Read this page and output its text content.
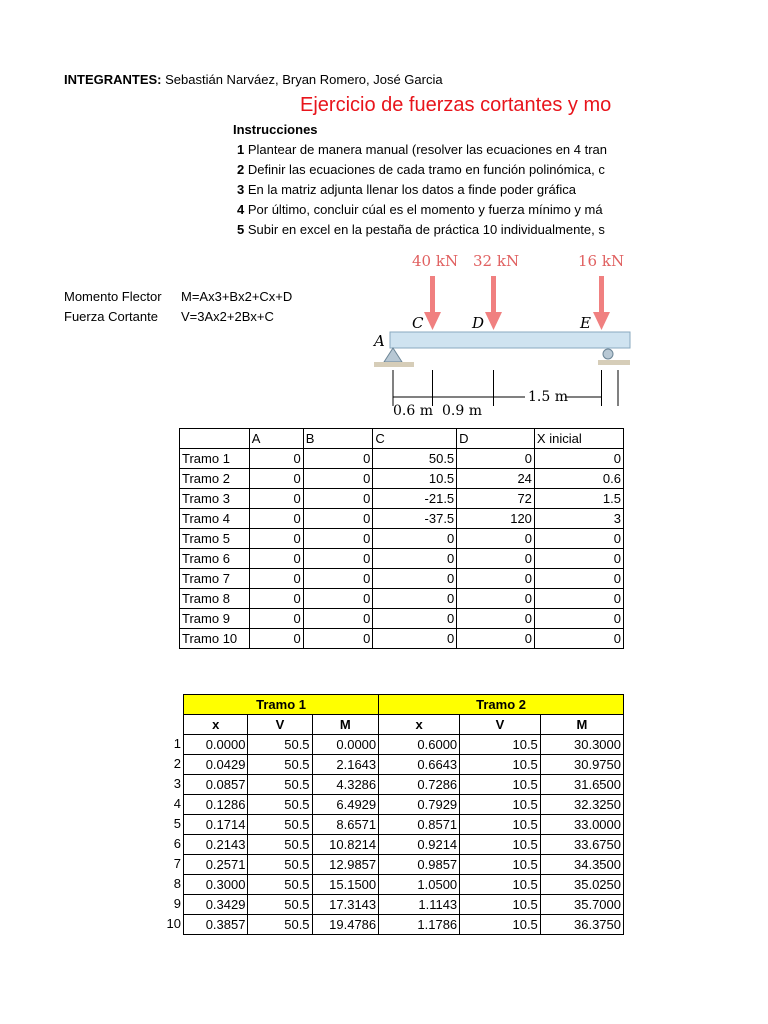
INTEGRANTES: Sebastián Narváez, Bryan Romero, José Garcia
Ejercicio de fuerzas cortantes y mo
Instrucciones
1 Plantear de manera manual (resolver las ecuaciones en 4 tran
2 Definir las ecuaciones de cada tramo en función polinómica, c
3 En la matriz adjunta llenar los datos a finde poder gráfica
4 Por último, concluir cúal es el momento y fuerza mínimo y má
5 Subir en excel en la pestaña de práctica 10 individualmente, s
Momento Flector M=Ax3+Bx2+Cx+D
Fuerza Cortante V=3Ax2+2Bx+C
40 kN 32 kN	16 kN
A
C	D	E
0.6 m 0.9 m
1.5 m
	A	B	C	D	X inicial
Tramo 1	0	0	50.5	0	0
Tramo 2	0	0	10.5	24	0.6
Tramo 3	0	0	-21.5	72	1.5
Tramo 4	0	0	-37.5	120	3
Tramo 5	0	0	0	0	0
Tramo 6	0	0	0	0	0
Tramo 7	0	0	0	0	0
Tramo 8	0	0	0	0	0
Tramo 9	0	0	0	0	0
Tramo 10	0	0	0	0	0
	Tramo 1			Tramo 2		
	x	V	M	x	V	M

1	0.0000	50.5	0.0000	0.6000	10.5	30.3000

2	0.0429	50.5	2.1643	0.6643	10.5	30.9750

3	0.0857	50.5	4.3286	0.7286	10.5	31.6500

4	0.1286	50.5	6.4929	0.7929	10.5	32.3250

5	0.1714	50.5	8.6571	0.8571	10.5	33.0000

6	0.2143	50.5	10.8214	0.9214	10.5	33.6750

7	0.2571	50.5	12.9857	0.9857	10.5	34.3500

8	0.3000	50.5	15.1500	1.0500	10.5	35.0250

9	0.3429	50.5	17.3143	1.1143	10.5	35.7000

10	0.3857	50.5	19.4786	1.1786	10.5	36.3750
